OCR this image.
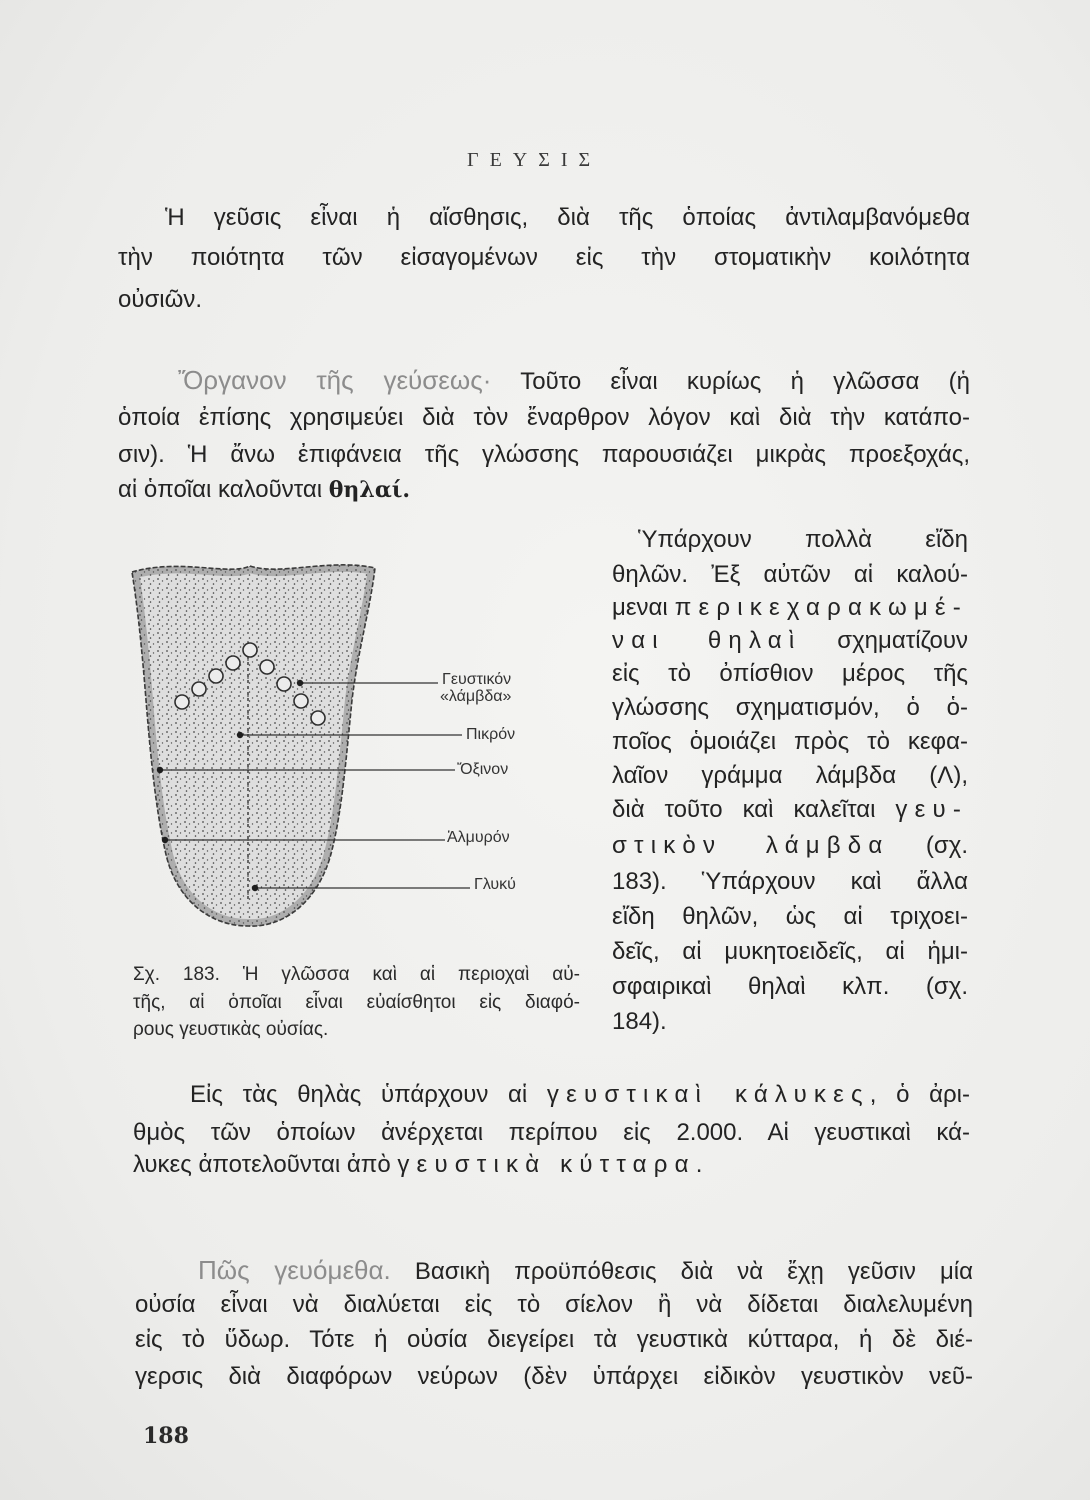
ΓΕΥΣΙΣ
Ἡ γεῦσις εἶναι ἡ αἴσθησις, διὰ τῆς ὁποίας ἀντιλαμβανόμεθα
τὴν ποιότητα τῶν εἰσαγομένων εἰς τὴν στοματικὴν κοιλότητα
οὐσιῶν.
Ὄργανον τῆς γεύσεως· Τοῦτο εἶναι κυρίως ἡ γλῶσσα (ἡ
ὁποία ἐπίσης χρησιμεύει διὰ τὸν ἔναρθρον λόγον καὶ διὰ τὴν κατάπο-
σιν). Ἡ ἄνω ἐπιφάνεια τῆς γλώσσης παρουσιάζει μικρὰς προεξοχάς,
αἱ ὁποῖαι καλοῦνται θηλαί.
Ὑπάρχουν πολλὰ εἴδη
θηλῶν. Ἐξ αὐτῶν αἱ καλού-
μεναι περικεχαρακωμέ-
ναι θηλαὶ σχηματίζουν
εἰς τὸ ὀπίσθιον μέρος τῆς
γλώσσης σχηματισμόν, ὁ ὁ-
ποῖος ὁμοιάζει πρὸς τὸ κεφα-
λαῖον γράμμα λάμβδα (Λ),
διὰ τοῦτο καὶ καλεῖται γευ-
στικὸν λάμβδα (σχ.
183). Ὑπάρχουν καὶ ἄλλα
εἴδη θηλῶν, ὡς αἱ τριχοει-
δεῖς, αἱ μυκητοειδεῖς, αἱ ἡμι-
σφαιρικαὶ θηλαὶ κλπ. (σχ.
184).
Γευστικόν
«λάμβδα»
Πικρόν
Ὄξινον
Ἁλμυρόν
Γλυκύ
Σχ. 183. Ἡ γλῶσσα καὶ αἱ περιοχαὶ αὐ-
τῆς, αἱ ὁποῖαι εἶναι εὐαίσθητοι εἰς διαφό-
ρους γευστικὰς οὐσίας.
Εἰς τὰς θηλὰς ὑπάρχουν αἱ γευστικαὶ κάλυκες, ὁ ἀρι-
θμὸς τῶν ὁποίων ἀνέρχεται περίπου εἰς 2.000. Αἱ γευστικαὶ κά-
λυκες ἀποτελοῦνται ἀπὸ γευστικὰ κύτταρα.
Πῶς γευόμεθα. Βασικὴ προϋπόθεσις διὰ νὰ ἔχῃ γεῦσιν μία
οὐσία εἶναι νὰ διαλύεται εἰς τὸ σίελον ἢ νὰ δίδεται διαλελυμένη
εἰς τὸ ὕδωρ. Τότε ἡ οὐσία διεγείρει τὰ γευστικὰ κύτταρα, ἡ δὲ διέ-
γερσις διὰ διαφόρων νεύρων (δὲν ὑπάρχει εἰδικὸν γευστικὸν νεῦ-
188
